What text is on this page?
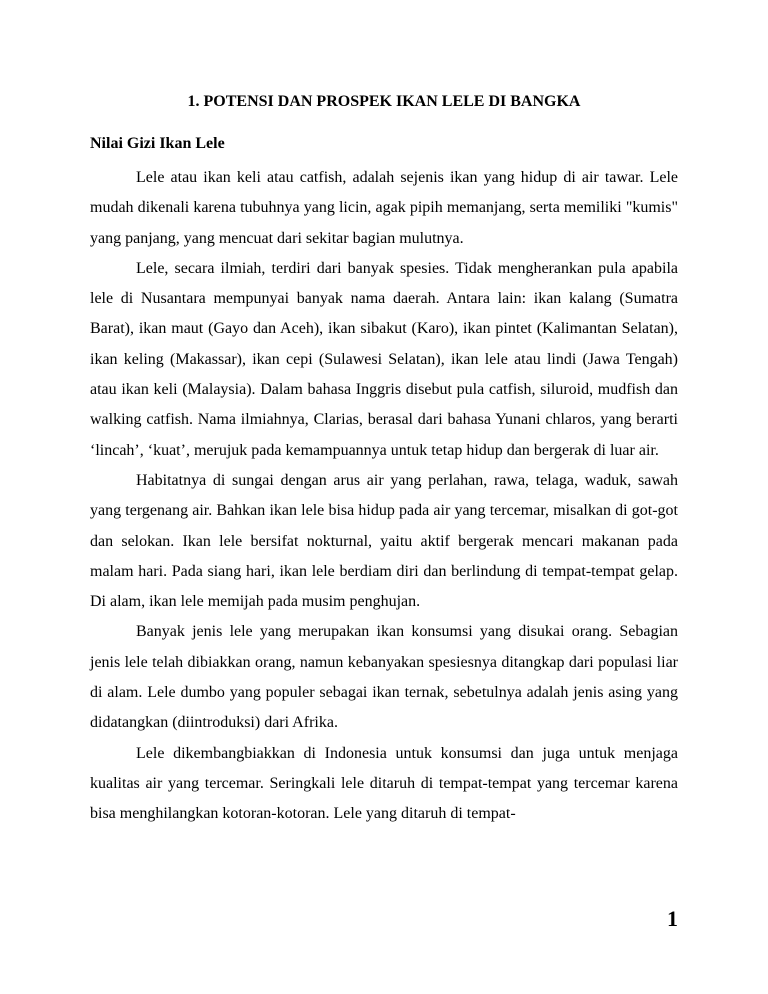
1. POTENSI DAN PROSPEK IKAN LELE DI BANGKA
Nilai Gizi Ikan Lele

Lele atau ikan keli atau catfish, adalah sejenis ikan yang hidup di air tawar. Lele mudah dikenali karena tubuhnya yang licin, agak pipih memanjang, serta memiliki "kumis" yang panjang, yang mencuat dari sekitar bagian mulutnya.

Lele, secara ilmiah, terdiri dari banyak spesies. Tidak mengherankan pula apabila lele di Nusantara mempunyai banyak nama daerah. Antara lain: ikan kalang (Sumatra Barat), ikan maut (Gayo dan Aceh), ikan sibakut (Karo), ikan pintet (Kalimantan Selatan), ikan keling (Makassar), ikan cepi (Sulawesi Selatan), ikan lele atau lindi (Jawa Tengah) atau ikan keli (Malaysia). Dalam bahasa Inggris disebut pula catfish, siluroid, mudfish dan walking catfish. Nama ilmiahnya, Clarias, berasal dari bahasa Yunani chlaros, yang berarti ‘lincah’, ‘kuat’, merujuk pada kemampuannya untuk tetap hidup dan bergerak di luar air.

Habitatnya di sungai dengan arus air yang perlahan, rawa, telaga, waduk, sawah yang tergenang air. Bahkan ikan lele bisa hidup pada air yang tercemar, misalkan di got-got dan selokan. Ikan lele bersifat nokturnal, yaitu aktif bergerak mencari makanan pada malam hari. Pada siang hari, ikan lele berdiam diri dan berlindung di tempat-tempat gelap. Di alam, ikan lele memijah pada musim penghujan.

Banyak jenis lele yang merupakan ikan konsumsi yang disukai orang. Sebagian jenis lele telah dibiakkan orang, namun kebanyakan spesiesnya ditangkap dari populasi liar di alam. Lele dumbo yang populer sebagai ikan ternak, sebetulnya adalah jenis asing yang didatangkan (diintroduksi) dari Afrika.

Lele dikembangbiakkan di Indonesia untuk konsumsi dan juga untuk menjaga kualitas air yang tercemar. Seringkali lele ditaruh di tempat-tempat yang tercemar karena bisa menghilangkan kotoran-kotoran. Lele yang ditaruh di tempat-

1
